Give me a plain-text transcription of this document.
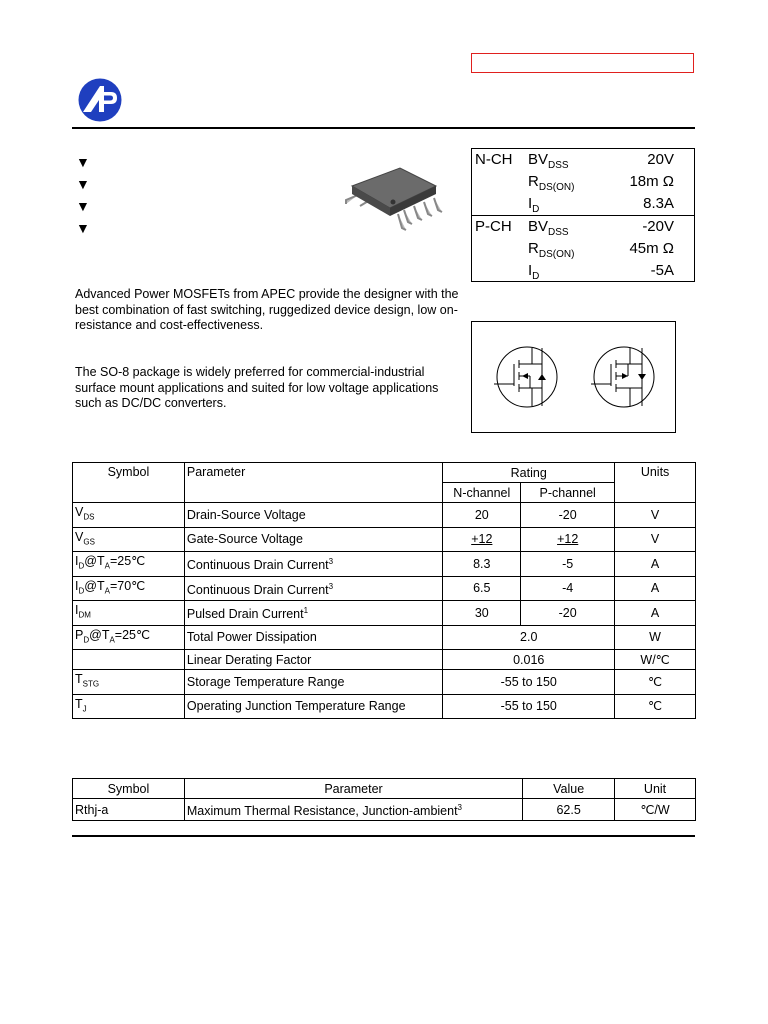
▼
▼
▼
▼
N-CH $BV_{DSS}$	20V
$R_{DS(ON)}$	18m Ω
$I_D$	8.3A
P-CH $BV_{DSS}$	-20V
$R_{DS(ON)}$	45m Ω
$I_D$	-5A
Advanced Power MOSFETs from APEC provide the designer with the best combination of fast switching, ruggedized device design, low on-resistance and cost-effectiveness.
The SO-8 package is widely preferred for commercial-industrial surface mount applications and suited for low voltage applications such as DC/DC converters.
Symbol	Parameter	Rating		Units
		N-channel	P-channel	
$V_{DS}$	Drain-Source Voltage	20	-20	V
$V_{GS}$	Gate-Source Voltage	+12	+12	V
$I_D@T_A=25℃$	Continuous Drain Current$^3$	8.3	-5	A
$I_D@T_A=70℃$	Continuous Drain Current$^3$	6.5	-4	A
$I_{DM}$	Pulsed Drain Current$^1$	30	-20	A
$P_D@T_A=25℃$	Total Power Dissipation	2.0		W
	Linear Derating Factor	0.016		W/℃
$T_{STG}$	Storage Temperature Range	-55 to 150		℃
$T_J$	Operating Junction Temperature Range	-55 to 150		℃
Symbol	Parameter	Value	Unit
Rthj-a	Maximum Thermal Resistance, Junction-ambient$^3$	62.5	℃/W
